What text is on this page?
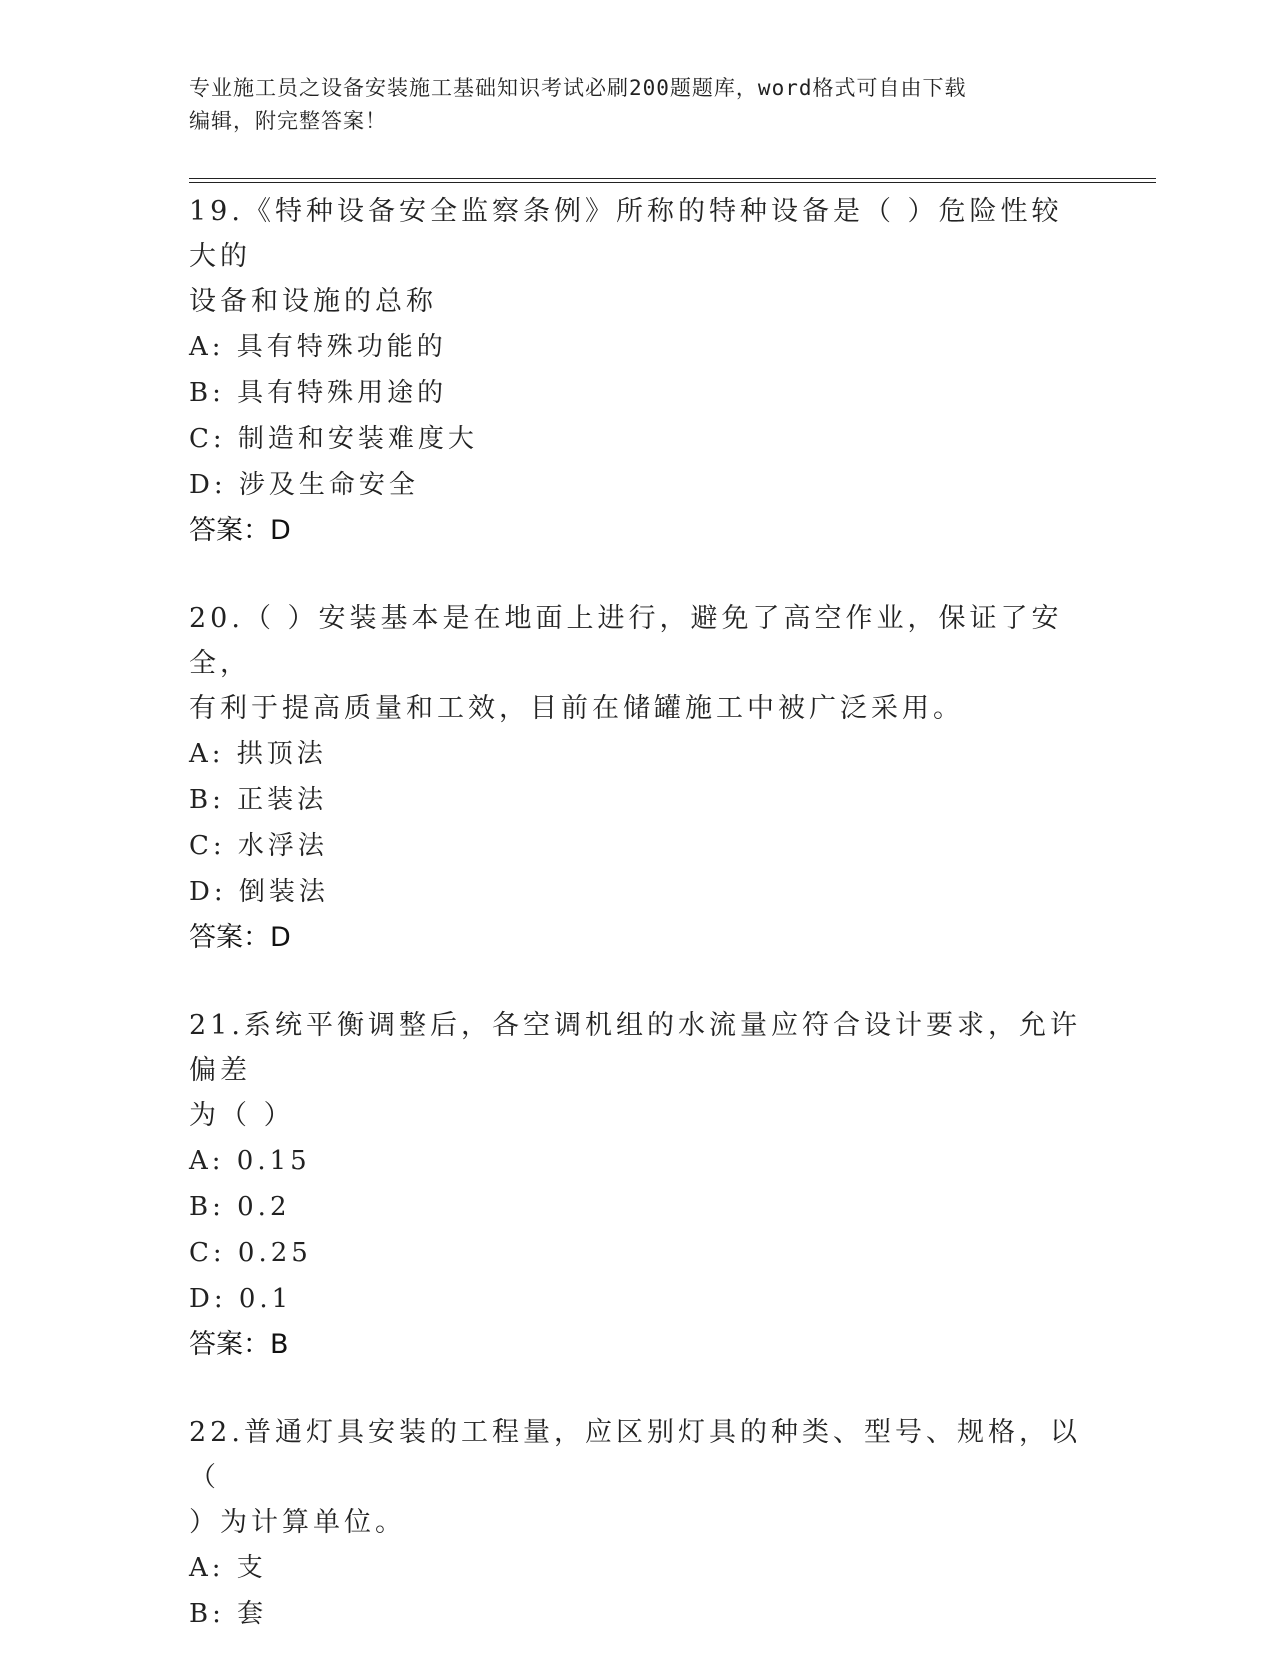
专业施工员之设备安装施工基础知识考试必刷200题题库，word格式可自由下载
编辑，附完整答案！

19.《特种设备安全监察条例》所称的特种设备是（ ）危险性较大的
设备和设施的总称

A: 具有特殊功能的

B: 具有特殊用途的

C: 制造和安装难度大

D: 涉及生命安全

答案：D

20.（ ）安装基本是在地面上进行，避免了高空作业，保证了安全，
有利于提高质量和工效，目前在储罐施工中被广泛采用。

A: 拱顶法

B: 正装法

C: 水浮法

D: 倒装法

答案：D

21.系统平衡调整后，各空调机组的水流量应符合设计要求，允许偏差
为（ ）

A: 0.15

B: 0.2

C: 0.25

D: 0.1

答案：B

22.普通灯具安装的工程量，应区别灯具的种类、型号、规格，以（
）为计算单位。

A: 支

B: 套
